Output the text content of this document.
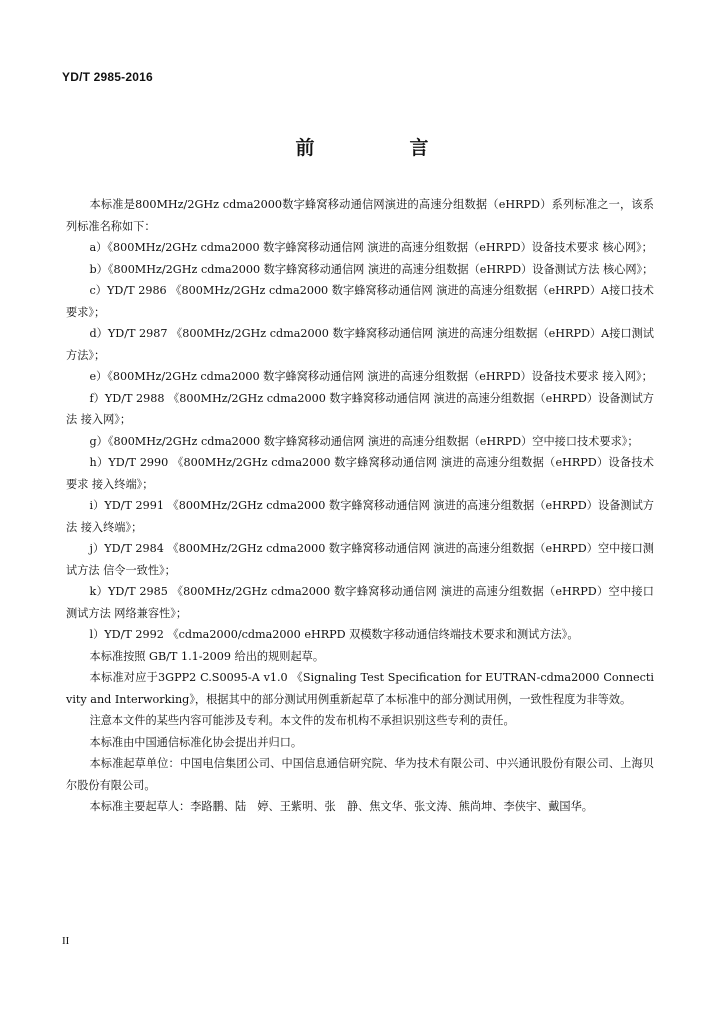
YD/T 2985-2016
前　言

本标准是800MHz/2GHz cdma2000数字蜂窝移动通信网演进的高速分组数据（eHRPD）系列标准之一，该系列标准名称如下：

a）《800MHz/2GHz cdma2000 数字蜂窝移动通信网 演进的高速分组数据（eHRPD）设备技术要求 核心网》；

b）《800MHz/2GHz cdma2000 数字蜂窝移动通信网 演进的高速分组数据（eHRPD）设备测试方法 核心网》；

c）YD/T 2986 《800MHz/2GHz cdma2000 数字蜂窝移动通信网 演进的高速分组数据（eHRPD）A接口技术要求》；

d）YD/T 2987 《800MHz/2GHz cdma2000 数字蜂窝移动通信网 演进的高速分组数据（eHRPD）A接口测试方法》；

e）《800MHz/2GHz cdma2000 数字蜂窝移动通信网 演进的高速分组数据（eHRPD）设备技术要求 接入网》；

f）YD/T 2988 《800MHz/2GHz cdma2000 数字蜂窝移动通信网 演进的高速分组数据（eHRPD）设备测试方法 接入网》；

g）《800MHz/2GHz cdma2000 数字蜂窝移动通信网 演进的高速分组数据（eHRPD）空中接口技术要求》；

h）YD/T 2990 《800MHz/2GHz cdma2000 数字蜂窝移动通信网 演进的高速分组数据（eHRPD）设备技术要求 接入终端》；

i）YD/T 2991 《800MHz/2GHz cdma2000 数字蜂窝移动通信网 演进的高速分组数据（eHRPD）设备测试方法 接入终端》；

j）YD/T 2984 《800MHz/2GHz cdma2000 数字蜂窝移动通信网 演进的高速分组数据（eHRPD）空中接口测试方法 信令一致性》；

k）YD/T 2985 《800MHz/2GHz cdma2000 数字蜂窝移动通信网 演进的高速分组数据（eHRPD）空中接口测试方法 网络兼容性》；

l）YD/T 2992 《cdma2000/cdma2000 eHRPD 双模数字移动通信终端技术要求和测试方法》。

本标准按照 GB/T 1.1-2009 给出的规则起草。

本标准对应于3GPP2 C.S0095-A v1.0 《Signaling Test Specification for EUTRAN-cdma2000 Connectivity and Interworking》，根据其中的部分测试用例重新起草了本标准中的部分测试用例，一致性程度为非等效。

注意本文件的某些内容可能涉及专利。本文件的发布机构不承担识别这些专利的责任。

本标准由中国通信标准化协会提出并归口。

本标准起草单位：中国电信集团公司、中国信息通信研究院、华为技术有限公司、中兴通讯股份有限公司、上海贝尔股份有限公司。

本标准主要起草人：李路鹏、陆　婷、王紫明、张　静、焦文华、张文涛、熊尚坤、李侠宇、戴国华。

II
